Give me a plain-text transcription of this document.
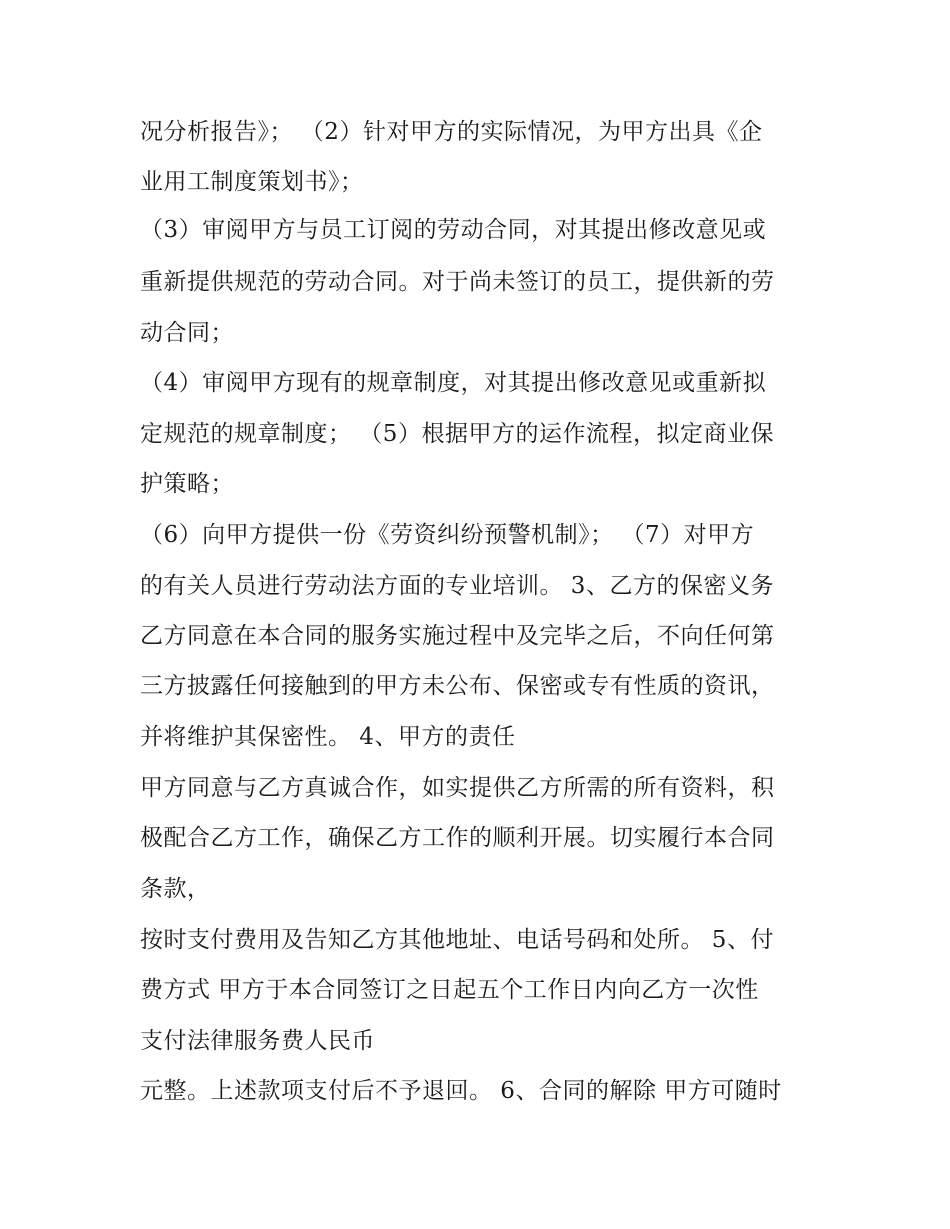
况分析报告》； （2）针对甲方的实际情况，为甲方出具《企
业用工制度策划书》；
（3）审阅甲方与员工订阅的劳动合同，对其提出修改意见或
重新提供规范的劳动合同。对于尚未签订的员工，提供新的劳
动合同；
（4）审阅甲方现有的规章制度，对其提出修改意见或重新拟
定规范的规章制度； （5）根据甲方的运作流程，拟定商业保
护策略；
（6）向甲方提供一份《劳资纠纷预警机制》； （7）对甲方
的有关人员进行劳动法方面的专业培训。 3、乙方的保密义务
乙方同意在本合同的服务实施过程中及完毕之后，不向任何第
三方披露任何接触到的甲方未公布、保密或专有性质的资讯，
并将维护其保密性。 4、甲方的责任
甲方同意与乙方真诚合作，如实提供乙方所需的所有资料，积
极配合乙方工作，确保乙方工作的顺利开展。切实履行本合同
条款，
按时支付费用及告知乙方其他地址、电话号码和处所。 5、付
费方式 甲方于本合同签订之日起五个工作日内向乙方一次性
支付法律服务费人民币
元整。上述款项支付后不予退回。 6、合同的解除 甲方可随时
